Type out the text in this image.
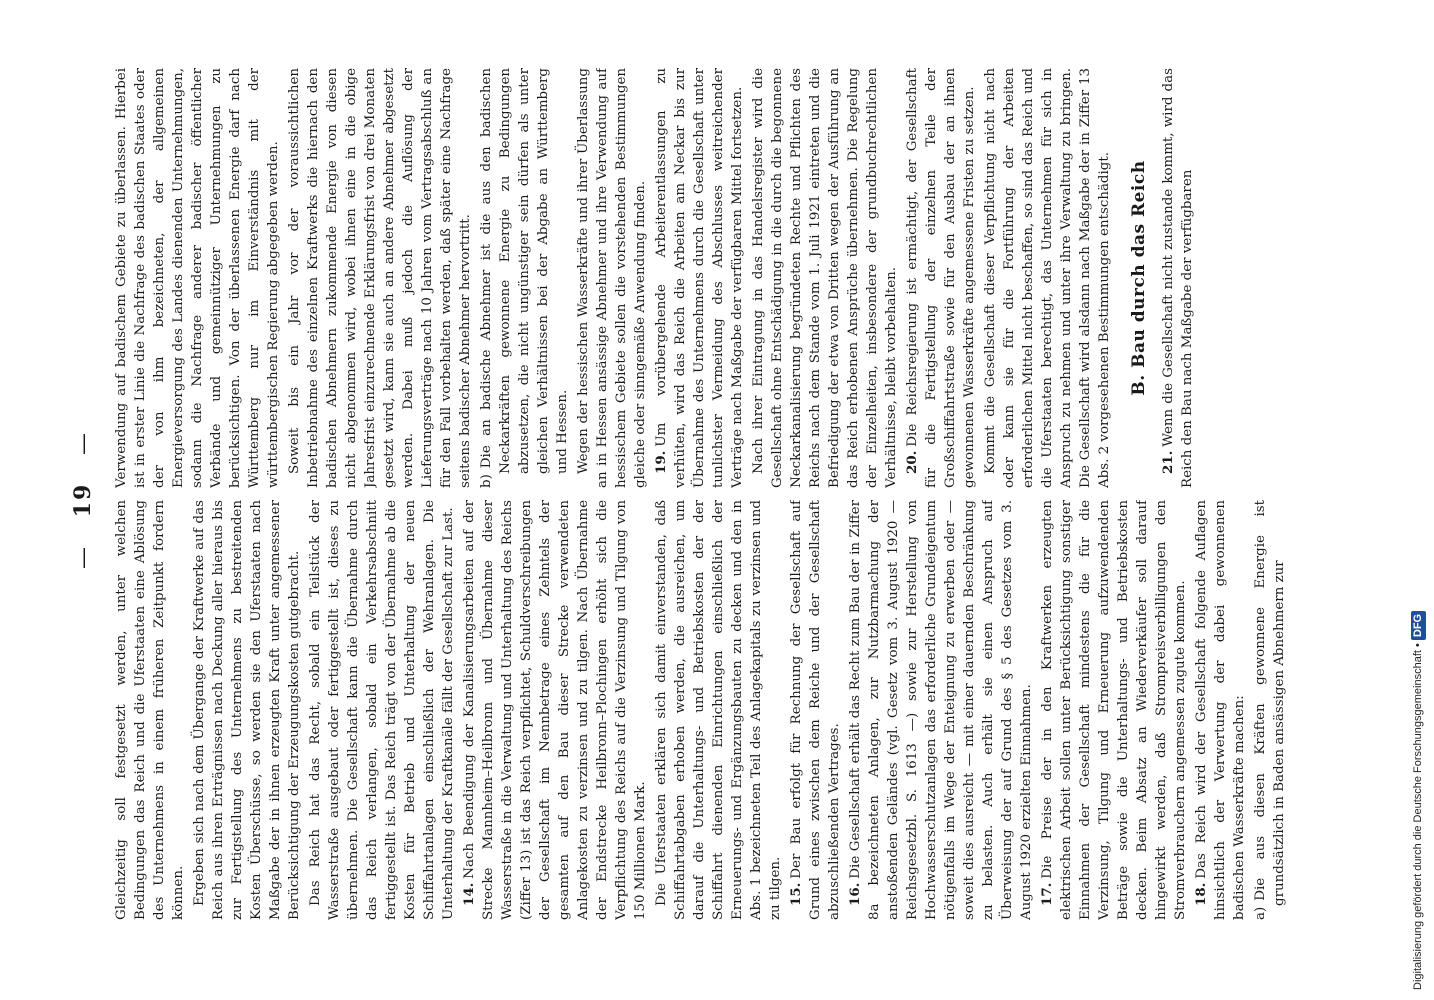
— 19 —

Gleichzeitig soll festgesetzt werden, unter welchen Bedingungen das Reich und die Uferstaaten eine Ablösung des Unternehmens in einem früheren Zeitpunkt fordern können. Ergeben sich nach dem Übergange der Kraftwerke auf das Reich aus ihren Erträgnissen nach Deckung aller hieraus bis zur Fertigstellung des Unternehmens zu bestreitenden Kosten Überschüsse, so werden sie den Uferstaaten nach Maßgabe der in ihnen erzeugten Kraft unter angemessener Berücksichtigung der Erzeugungskosten gutgebracht. Das Reich hat das Recht, sobald ein Teilstück der Wasserstraße ausgebaut oder fertiggestellt ist, dieses zu übernehmen. Die Gesellschaft kann die Übernahme durch das Reich verlangen, sobald ein Verkehrsabschnitt fertiggestellt ist. Das Reich trägt von der Übernahme ab die Kosten für Betrieb und Unterhaltung der neuen Schiffahrtanlagen einschließlich der Wehranlagen. Die Unterhaltung der Kraftkanäle fällt der Gesellschaft zur Last. 14.Nach Beendigung der Kanalisierungsarbeiten auf der Strecke Mannheim–Heilbronn und Übernahme dieser Wasserstraße in die Verwaltung und Unterhaltung des Reichs (Ziffer 13) ist das Reich verpflichtet, Schuldverschreibungen der Gesellschaft im Nennbetrage eines Zehntels der gesamten auf den Bau dieser Strecke verwendeten Anlagekosten zu verzinsen und zu tilgen. Nach Übernahme der Endstrecke Heilbronn–Plochingen erhöht sich die Verpflichtung des Reichs auf die Verzinsung und Tilgung von 150 Millionen Mark. Die Uferstaaten erklären sich damit einverstanden, daß Schiffahrtabgaben erhoben werden, die ausreichen, um darauf die Unterhaltungs- und Betriebskosten der der Schiffahrt dienenden Einrichtungen einschließlich der Erneuerungs- und Ergänzungsbauten zu decken und den in Abs. 1 bezeichneten Teil des Anlagekapitals zu verzinsen und zu tilgen. 15.Der Bau erfolgt für Rechnung der Gesellschaft auf Grund eines zwischen dem Reiche und der Gesellschaft abzuschließenden Vertrages. 16.Die Gesellschaft erhält das Recht zum Bau der in Ziffer 8a bezeichneten Anlagen, zur Nutzbarmachung der anstoßenden Geländes (vgl. Gesetz vom 3. August 1920 — Reichsgesetzbl. S. 1613 —) sowie zur Herstellung von Hochwasserschutzanlagen das erforderliche Grundeigentum nötigenfalls im Wege der Enteignung zu erwerben oder — soweit dies ausreicht — mit einer dauernden Beschränkung zu belasten. Auch erhält sie einen Anspruch auf Überweisung der auf Grund des § 5 des Gesetzes vom 3. August 1920 erzielten Einnahmen. 17.Die Preise der in den Kraftwerken erzeugten elektrischen Arbeit sollen unter Berücksichtigung sonstiger Einnahmen der Gesellschaft mindestens die für die Verzinsung, Tilgung und Erneuerung aufzuwendenden Beträge sowie die Unterhaltungs- und Betriebskosten decken. Beim Absatz an Wiederverkäufer soll darauf hingewirkt werden, daß Strompreisverbilligungen den Stromverbrauchern angemessen zugute kommen. 18.Das Reich wird der Gesellschaft folgende Auflagen hinsichtlich der Verwertung der dabei gewonnenen badischen Wasserkräfte machen: a)Die aus diesen Kräften gewonnene Energie ist grundsätzlich in Baden ansässigen Abnehmern zur

Verwendung auf badischem Gebiete zu überlassen. Hierbei ist in erster Linie die Nachfrage des badischen Staates oder der von ihm bezeichneten, der allgemeinen Energieversorgung des Landes dienenden Unternehmungen, sodann die Nachfrage anderer badischer öffentlicher Verbände und gemeinnütziger Unternehmungen zu berücksichtigen. Von der überlassenen Energie darf nach Württemberg nur im Einverständnis mit der württembergischen Regierung abgegeben werden. Soweit bis ein Jahr vor der voraussichtlichen Inbetriebnahme des einzelnen Kraftwerks die hiernach den badischen Abnehmern zukommende Energie von diesen nicht abgenommen wird, wobei ihnen eine in die obige Jahresfrist einzurechnende Erklärungsfrist von drei Monaten gesetzt wird, kann sie auch an andere Abnehmer abgesetzt werden. Dabei muß jedoch die Auflösung der Lieferungsverträge nach 10 Jahren vom Vertragsabschluß an für den Fall vorbehalten werden, daß später eine Nachfrage seitens badischer Abnehmer hervortritt. b)Die an badische Abnehmer ist die aus den badischen Neckarkräften gewonnene Energie zu Bedingungen abzusetzen, die nicht ungünstiger sein dürfen als unter gleichen Verhältnissen bei der Abgabe an Württemberg und Hessen. Wegen der hessischen Wasserkräfte und ihrer Überlassung an in Hessen ansässige Abnehmer und ihre Verwendung auf hessischem Gebiete sollen die vorstehenden Bestimmungen gleiche oder sinngemäße Anwendung finden. 19.Um vorübergehende Arbeiterentlassungen zu verhüten, wird das Reich die Arbeiten am Neckar bis zur Übernahme des Unternehmens durch die Gesellschaft unter tunlichster Vermeidung des Abschlusses weitreichender Verträge nach Maßgabe der verfügbaren Mittel fortsetzen. Nach ihrer Eintragung in das Handelsregister wird die Gesellschaft ohne Entschädigung in die durch die begonnene Neckarkanalisierung begründeten Rechte und Pflichten des Reichs nach dem Stande vom 1. Juli 1921 eintreten und die Befriedigung der etwa von Dritten wegen der Ausführung an das Reich erhobenen Ansprüche übernehmen. Die Regelung der Einzelheiten, insbesondere der grundbuchrechtlichen Verhältnisse, bleibt vorbehalten. 20.Die Reichsregierung ist ermächtigt, der Gesellschaft für die Fertigstellung der einzelnen Teile der Großschiffahrtstraße sowie für den Ausbau der an ihnen gewonnenen Wasserkräfte angemessene Fristen zu setzen. Kommt die Gesellschaft dieser Verpflichtung nicht nach oder kann sie für die Fortführung der Arbeiten erforderlichen Mittel nicht beschaffen, so sind das Reich und die Uferstaaten berechtigt, das Unternehmen für sich in Anspruch zu nehmen und unter ihre Verwaltung zu bringen. Die Gesellschaft wird alsdann nach Maßgabe der in Ziffer 13 Abs. 2 vorgesehenen Bestimmungen entschädigt. B. Bau durch das Reich

21.Wenn die Gesellschaft nicht zustande kommt, wird das Reich den Bau nach Maßgabe der verfügbaren

Digitalisierung gefördert durch die Deutsche Forschungsgemeinschaft •DFG
